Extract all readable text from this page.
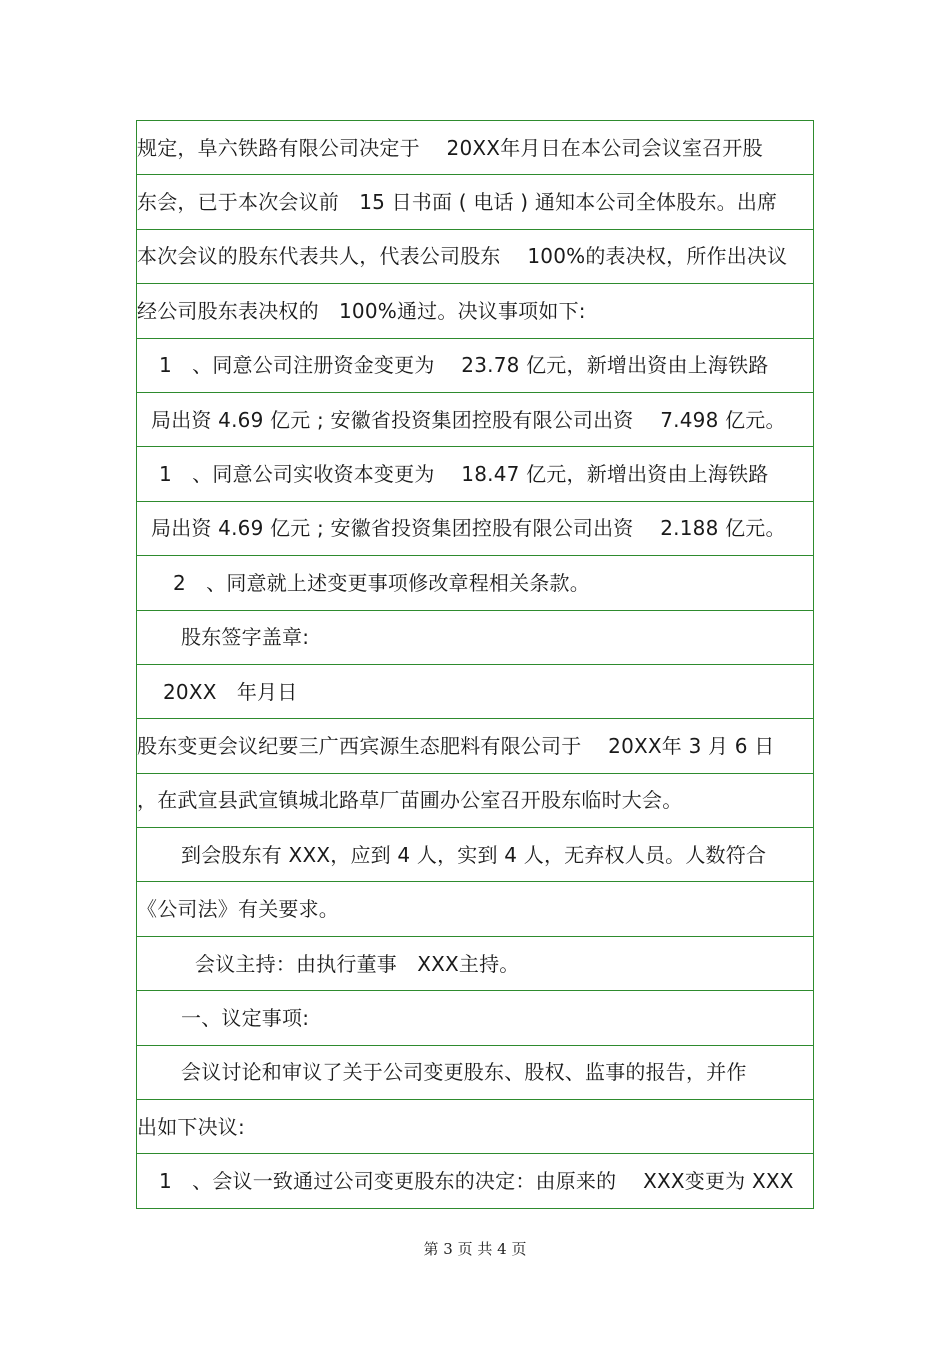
规定，阜六铁路有限公司决定于　 20XX年月日在本公司会议室召开股
东会，已于本次会议前　15 日书面 ( 电话 ) 通知本公司全体股东。出席
本次会议的股东代表共人，代表公司股东　 100%的表决权，所作出决议
经公司股东表决权的　100%通过。决议事项如下:
1　、同意公司注册资金变更为　 23.78 亿元，新增出资由上海铁路
局出资 4.69 亿元 ; 安徽省投资集团控股有限公司出资　 7.498 亿元。
1　、同意公司实收资本变更为　 18.47 亿元，新增出资由上海铁路
局出资 4.69 亿元 ; 安徽省投资集团控股有限公司出资　 2.188 亿元。
2　、同意就上述变更事项修改章程相关条款。
股东签字盖章:
20XX　年月日
股东变更会议纪要三广西宾源生态肥料有限公司于　 20XX年 3 月 6 日
，在武宣县武宣镇城北路草厂苗圃办公室召开股东临时大会。
到会股东有 XXX，应到 4 人，实到 4 人，无弃权人员。人数符合
《公司法》有关要求。
会议主持：由执行董事　XXX主持。
一、议定事项:
会议讨论和审议了关于公司变更股东、股权、监事的报告，并作
出如下决议:
1　、会议一致通过公司变更股东的决定：由原来的　 XXX变更为 XXX
第 3 页 共 4 页
